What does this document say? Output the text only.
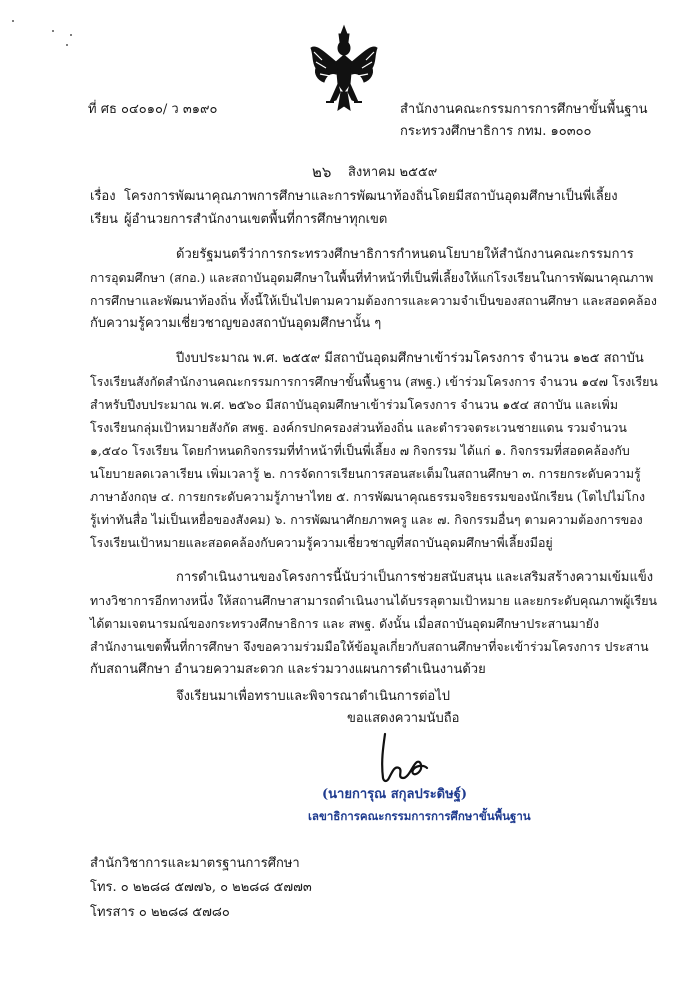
ที่ ศธ ๐๔๐๑๐/ ว ๓๑๙๐	สำนักงานคณะกรรมการการศึกษาขั้นพื้นฐาน
กระทรวงศึกษาธิการ กทม. ๑๐๓๐๐
๒๖ สิงหาคม ๒๕๕๙
เรื่อง โครงการพัฒนาคุณภาพการศึกษาและการพัฒนาท้องถิ่นโดยมีสถาบันอุดมศึกษาเป็นพี่เลี้ยง
เรียน ผู้อำนวยการสำนักงานเขตพื้นที่การศึกษาทุกเขต
ด้วยรัฐมนตรีว่าการกระทรวงศึกษาธิการกำหนดนโยบายให้สำนักงานคณะกรรมการ
การอุดมศึกษา (สกอ.) และสถาบันอุดมศึกษาในพื้นที่ทำหน้าที่เป็นพี่เลี้ยงให้แก่โรงเรียนในการพัฒนาคุณภาพ
การศึกษาและพัฒนาท้องถิ่น ทั้งนี้ให้เป็นไปตามความต้องการและความจำเป็นของสถานศึกษา และสอดคล้อง
กับความรู้ความเชี่ยวชาญของสถาบันอุดมศึกษานั้น ๆ
ปีงบประมาณ พ.ศ. ๒๕๕๙ มีสถาบันอุดมศึกษาเข้าร่วมโครงการ จำนวน ๑๒๕ สถาบัน
โรงเรียนสังกัดสำนักงานคณะกรรมการการศึกษาขั้นพื้นฐาน (สพฐ.) เข้าร่วมโครงการ จำนวน ๑๔๗ โรงเรียน
สำหรับปีงบประมาณ พ.ศ. ๒๕๖๐ มีสถาบันอุดมศึกษาเข้าร่วมโครงการ จำนวน ๑๕๔ สถาบัน และเพิ่ม
โรงเรียนกลุ่มเป้าหมายสังกัด สพฐ. องค์กรปกครองส่วนท้องถิ่น และตำรวจตระเวนชายแดน รวมจำนวน
๑,๕๔๐ โรงเรียน โดยกำหนดกิจกรรมที่ทำหน้าที่เป็นพี่เลี้ยง ๗ กิจกรรม ได้แก่ ๑. กิจกรรมที่สอดคล้องกับ
นโยบายลดเวลาเรียน เพิ่มเวลารู้ ๒. การจัดการเรียนการสอนสะเต็มในสถานศึกษา ๓. การยกระดับความรู้
ภาษาอังกฤษ ๔. การยกระดับความรู้ภาษาไทย ๕. การพัฒนาคุณธรรมจริยธรรมของนักเรียน (โตไปไม่โกง
รู้เท่าทันสื่อ ไม่เป็นเหยื่อของสังคม) ๖. การพัฒนาศักยภาพครู และ ๗. กิจกรรมอื่นๆ ตามความต้องการของ
โรงเรียนเป้าหมายและสอดคล้องกับความรู้ความเชี่ยวชาญที่สถาบันอุดมศึกษาพี่เลี้ยงมีอยู่
การดำเนินงานของโครงการนี้นับว่าเป็นการช่วยสนับสนุน และเสริมสร้างความเข้มแข็ง
ทางวิชาการอีกทางหนึ่ง ให้สถานศึกษาสามารถดำเนินงานได้บรรลุตามเป้าหมาย และยกระดับคุณภาพผู้เรียน
ได้ตามเจตนารมณ์ของกระทรวงศึกษาธิการ และ สพฐ. ดังนั้น เมื่อสถาบันอุดมศึกษาประสานมายัง
สำนักงานเขตพื้นที่การศึกษา จึงขอความร่วมมือให้ข้อมูลเกี่ยวกับสถานศึกษาที่จะเข้าร่วมโครงการ ประสาน
กับสถานศึกษา อำนวยความสะดวก และร่วมวางแผนการดำเนินงานด้วย
จึงเรียนมาเพื่อทราบและพิจารณาดำเนินการต่อไป
ขอแสดงความนับถือ
(นายการุณ สกุลประดิษฐ์)
เลขาธิการคณะกรรมการการศึกษาขั้นพื้นฐาน
สำนักวิชาการและมาตรฐานการศึกษา
โทร. ๐ ๒๒๘๘ ๕๗๗๖, ๐ ๒๒๘๘ ๕๗๗๓
โทรสาร ๐ ๒๒๘๘ ๕๗๘๐
